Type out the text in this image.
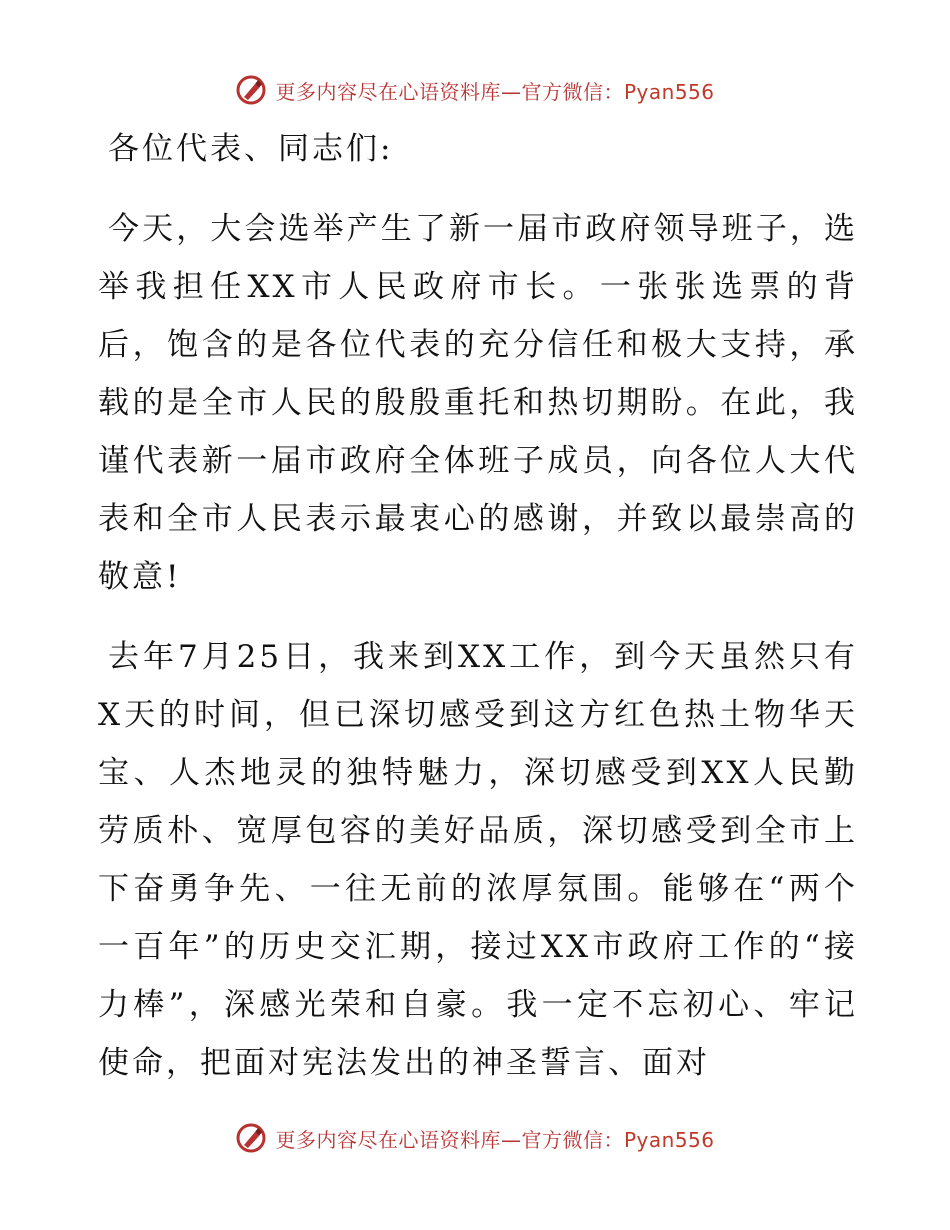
更多内容尽在心语资料库—官方微信：Pyan556

各位代表、同志们:

今天，大会选举产生了新一届市政府领导班子，选举我担任XX市人民政府市长。一张张选票的背后，饱含的是各位代表的充分信任和极大支持，承载的是全市人民的殷殷重托和热切期盼。在此，我谨代表新一届市政府全体班子成员，向各位人大代表和全市人民表示最衷心的感谢，并致以最崇高的敬意!

去年7月25日，我来到XX工作，到今天虽然只有X天的时间，但已深切感受到这方红色热土物华天宝、人杰地灵的独特魅力，深切感受到XX人民勤劳质朴、宽厚包容的美好品质，深切感受到全市上下奋勇争先、一往无前的浓厚氛围。能够在“两个一百年”的历史交汇期，接过XX市政府工作的“接力棒”，深感光荣和自豪。我一定不忘初心、牢记使命，把面对宪法发出的神圣誓言、面对

更多内容尽在心语资料库—官方微信：Pyan556
